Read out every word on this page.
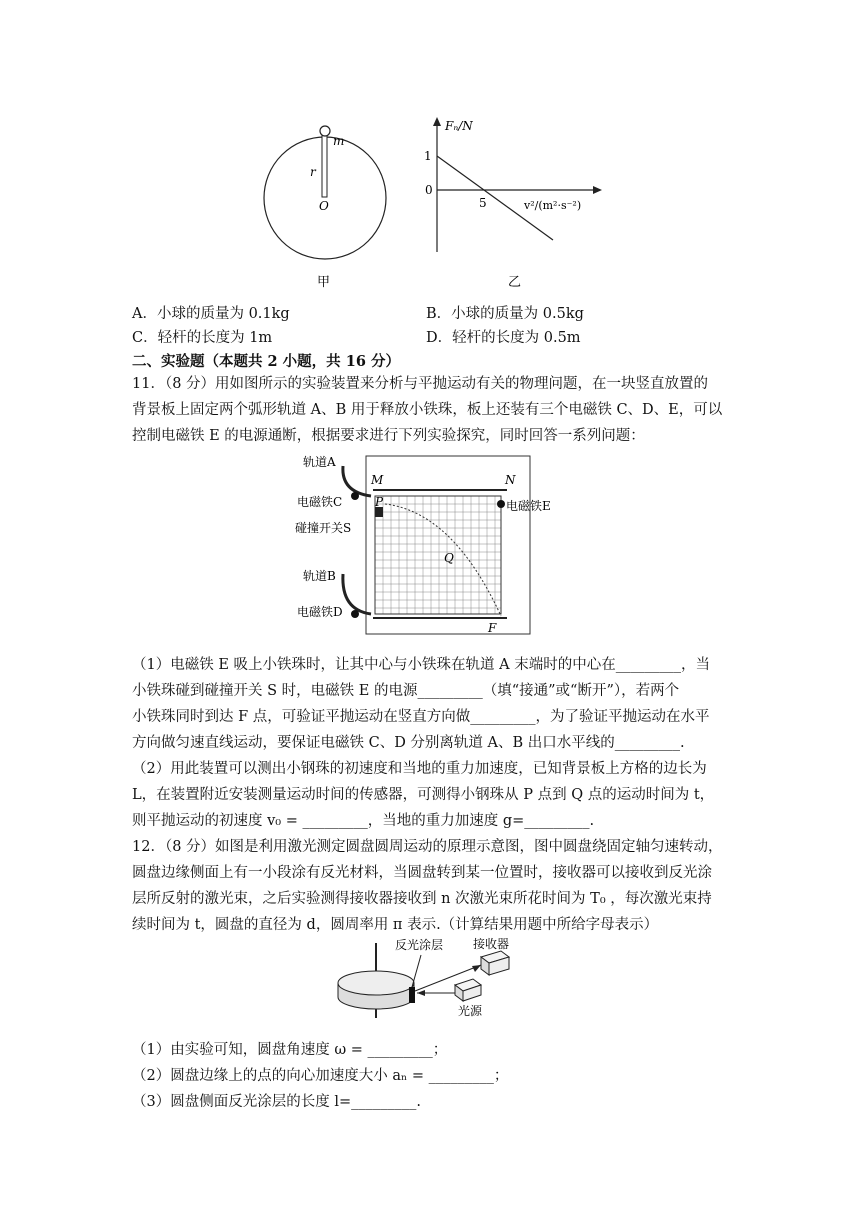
m
r
O
甲
Fₙ/N
1
0
5	v²/(m²·s⁻²)
乙
A．小球的质量为 0.1kg	B．小球的质量为 0.5kg
C．轻杆的长度为 1m	D．轻杆的长度为 0.5m
二、实验题（本题共 2 小题，共 16 分）
11．（8 分）用如图所示的实验装置来分析与平抛运动有关的物理问题，在一块竖直放置的
背景板上固定两个弧形轨道 A、B 用于释放小铁珠，板上还装有三个电磁铁 C、D、E，可以
控制电磁铁 E 的电源通断，根据要求进行下列实验探究，同时回答一系列问题：
轨道A
电磁铁C
碰撞开关S
轨道B
电磁铁D
电磁铁E
M	N
P
Q
F
（1）电磁铁 E 吸上小铁珠时，让其中心与小铁珠在轨道 A 末端时的中心在_________，当
小铁珠碰到碰撞开关 S 时，电磁铁 E 的电源_________（填“接通”或“断开”），若两个
小铁珠同时到达 F 点，可验证平抛运动在竖直方向做_________，为了验证平抛运动在水平
方向做匀速直线运动，要保证电磁铁 C、D 分别离轨道 A、B 出口水平线的_________.
（2）用此装置可以测出小钢珠的初速度和当地的重力加速度，已知背景板上方格的边长为
L，在装置附近安装测量运动时间的传感器，可测得小钢珠从 P 点到 Q 点的运动时间为 t，
则平抛运动的初速度 v₀ = _________，当地的重力加速度 g=_________.
12．（8 分）如图是利用激光测定圆盘圆周运动的原理示意图，图中圆盘绕固定轴匀速转动，
圆盘边缘侧面上有一小段涂有反光材料，当圆盘转到某一位置时，接收器可以接收到反光涂
层所反射的激光束，之后实验测得接收器接收到 n 次激光束所花时间为 T₀ ，每次激光束持
续时间为 t，圆盘的直径为 d，圆周率用 π 表示.（计算结果用题中所给字母表示）
反光涂层 接收器
光源
（1）由实验可知，圆盘角速度 ω = _________；
（2）圆盘边缘上的点的向心加速度大小 aₙ = _________；
（3）圆盘侧面反光涂层的长度 l=_________.
